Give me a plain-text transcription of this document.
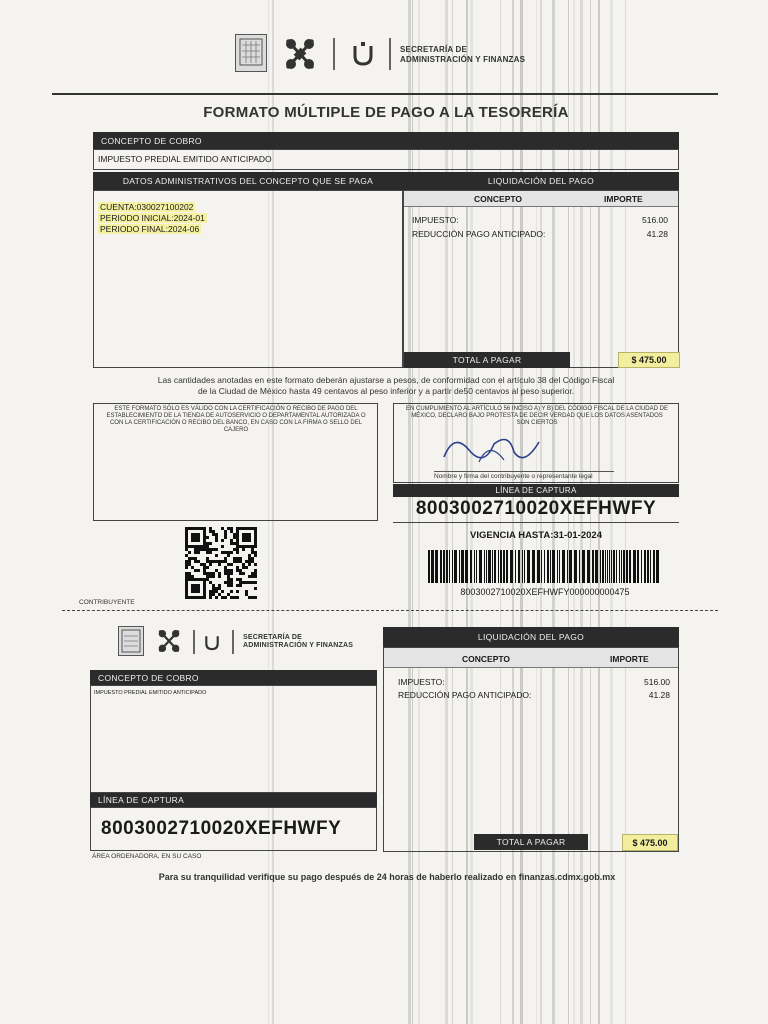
SECRETARÍA DE
ADMINISTRACIÓN Y FINANZAS
FORMATO MÚLTIPLE DE PAGO A LA TESORERÍA
CONCEPTO DE COBRO
IMPUESTO PREDIAL EMITIDO ANTICIPADO
DATOS ADMINISTRATIVOS DEL CONCEPTO QUE SE PAGA	LIQUIDACIÓN DEL PAGO
CUENTA:030027100202
PERIODO INICIAL:2024-01
PERIODO FINAL:2024-06
CONCEPTO	IMPORTE
IMPUESTO:	516.00
REDUCCIÓN PAGO ANTICIPADO:	41.28
TOTAL A PAGAR	$ 475.00
Las cantidades anotadas en este formato deberán ajustarse a pesos, de conformidad con el artículo 38 del Código Fiscal
de la Ciudad de México hasta 49 centavos al peso inferior y a partir de50 centavos al peso superior.
ESTE FORMATO SÓLO ES VÁLIDO CON LA CERTIFICACIÓN O RECIBO DE PAGO DEL ESTABLECIMIENTO DE LA TIENDA DE AUTOSERVICIO O DEPARTAMENTAL AUTORIZADA O CON LA CERTIFICACIÓN O RECIBO DEL BANCO, EN CASO CON LA FIRMA O SELLO DEL CAJERO
EN CUMPLIMIENTO AL ARTÍCULO 56 INCISO A) Y B) DEL CÓDIGO FISCAL DE LA CIUDAD DE MÉXICO, DECLARO BAJO PROTESTA DE DECIR VERDAD QUE LOS DATOS ASENTADOS SON CIERTOS
Nombre y firma del contribuyente o representante legal
LÍNEA DE CAPTURA
8003002710020XEFHWFY
VIGENCIA HASTA:31-01-2024
8003002710020XEFHWFY000000000475
CONTRIBUYENTE
SECRETARÍA DE
ADMINISTRACIÓN Y FINANZAS
CONCEPTO DE COBRO
IMPUESTO PREDIAL EMITIDO ANTICIPADO
LÍNEA DE CAPTURA
8003002710020XEFHWFY
ÁREA ORDENADORA, EN SU CASO
LIQUIDACIÓN DEL PAGO
CONCEPTO	IMPORTE
IMPUESTO:	516.00
REDUCCIÓN PAGO ANTICIPADO:	41.28
TOTAL A PAGAR	$ 475.00
Para su tranquilidad verifique su pago después de 24 horas de haberlo realizado en finanzas.cdmx.gob.mx
